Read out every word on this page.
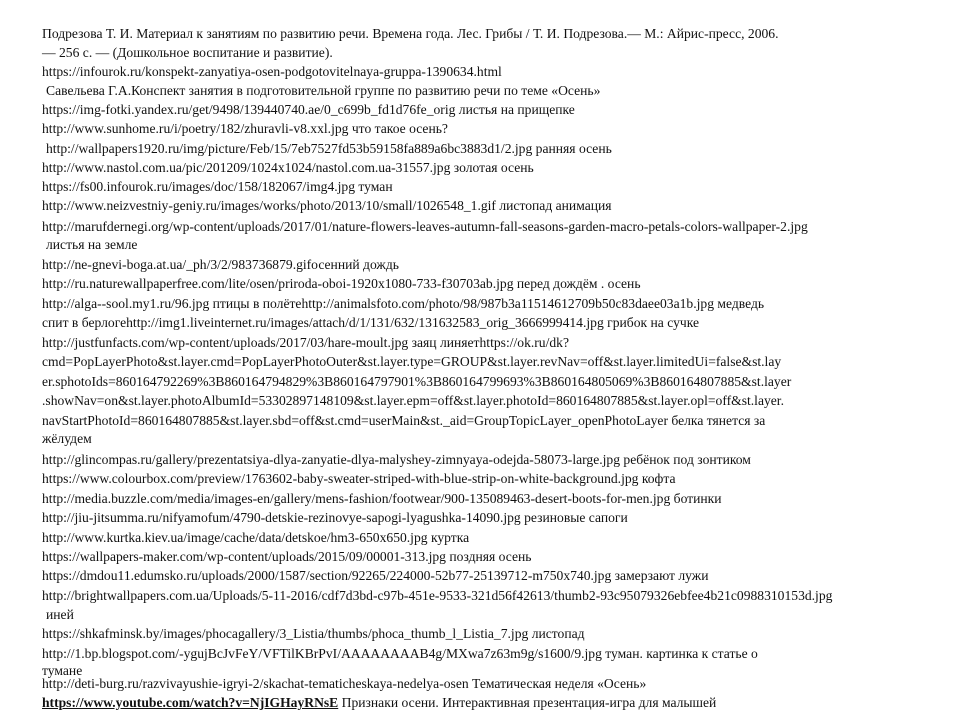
Подрезова Т. И. Материал к занятиям по развитию речи. Времена года. Лес. Грибы / Т. И. Подрезова.— М.: Айрис-пресс, 2006.
— 256 с. — (Дошкольное воспитание и развитие).
https://infourok.ru/konspekt-zanyatiya-osen-podgotovitelnaya-gruppa-1390634.html
Савельева Г.А.Конспект занятия в подготовительной группе по развитию речи по теме «Осень»
https://img-fotki.yandex.ru/get/9498/139440740.ae/0_c699b_fd1d76fe_orig листья на прищепке
http://www.sunhome.ru/i/poetry/182/zhuravli-v8.xxl.jpg что такое осень?
http://wallpapers1920.ru/img/picture/Feb/15/7eb7527fd53b59158fa889a6bc3883d1/2.jpg ранняя осень
http://www.nastol.com.ua/pic/201209/1024x1024/nastol.com.ua-31557.jpg золотая осень
https://fs00.infourok.ru/images/doc/158/182067/img4.jpg туман
http://www.neizvestniy-geniy.ru/images/works/photo/2013/10/small/1026548_1.gif листопад анимация
http://marufdernegi.org/wp-content/uploads/2017/01/nature-flowers-leaves-autumn-fall-seasons-garden-macro-petals-colors-wallpaper-2.jpg
листья на земле
http://ne-gnevi-boga.at.ua/_ph/3/2/983736879.gifосенний дождь
http://ru.naturewallpaperfree.com/lite/osen/priroda-oboi-1920x1080-733-f30703ab.jpg перед дождём . осень
http://alga--sool.my1.ru/96.jpg птицы в полётеhttp://animalsfoto.com/photo/98/987b3a11514612709b50c83daee03a1b.jpg медведь
спит в берлогеhttp://img1.liveinternet.ru/images/attach/d/1/131/632/131632583_orig_3666999414.jpg грибок на сучке
http://justfunfacts.com/wp-content/uploads/2017/03/hare-moult.jpg заяц линяетhttps://ok.ru/dk?
cmd=PopLayerPhoto&st.layer.cmd=PopLayerPhotoOuter&st.layer.type=GROUP&st.layer.revNav=off&st.layer.limitedUi=false&st.lay
er.sphotoIds=860164792269%3B860164794829%3B860164797901%3B860164799693%3B860164805069%3B860164807885&st.layer
.showNav=on&st.layer.photoAlbumId=53302897148109&st.layer.epm=off&st.layer.photoId=860164807885&st.layer.opl=off&st.layer.
navStartPhotoId=860164807885&st.layer.sbd=off&st.cmd=userMain&st._aid=GroupTopicLayer_openPhotoLayer белка тянется за
жёлудем
http://glincompas.ru/gallery/prezentatsiya-dlya-zanyatie-dlya-malyshey-zimnyaya-odejda-58073-large.jpg ребёнок под зонтиком
https://www.colourbox.com/preview/1763602-baby-sweater-striped-with-blue-strip-on-white-background.jpg кофта
http://media.buzzle.com/media/images-en/gallery/mens-fashion/footwear/900-135089463-desert-boots-for-men.jpg ботинки
http://jiu-jitsumma.ru/nifyamofum/4790-detskie-rezinovye-sapogi-lyagushka-14090.jpg резиновые сапоги
http://www.kurtka.kiev.ua/image/cache/data/detskoe/hm3-650x650.jpg куртка
https://wallpapers-maker.com/wp-content/uploads/2015/09/00001-313.jpg поздняя осень
https://dmdou11.edumsko.ru/uploads/2000/1587/section/92265/224000-52b77-25139712-m750x740.jpg замерзают лужи
http://brightwallpapers.com.ua/Uploads/5-11-2016/cdf7d3bd-c97b-451e-9533-321d56f42613/thumb2-93c95079326ebfee4b21c0988310153d.jpg
иней
https://shkafminsk.by/images/phocagallery/3_Listia/thumbs/phoca_thumb_l_Listia_7.jpg листопад
http://1.bp.blogspot.com/-ygujBcJvFeY/VFTilKBrPvI/AAAAAAAAB4g/MXwa7z63m9g/s1600/9.jpg туман. картинка к статье о
тумане
http://deti-burg.ru/razvivayushie-igryi-2/skachat-tematicheskaya-nedelya-osen Тематическая неделя «Осень»
https://www.youtube.com/watch?v=NjIGHayRNsE Признаки осени. Интерактивная презентация-игра для малышей
